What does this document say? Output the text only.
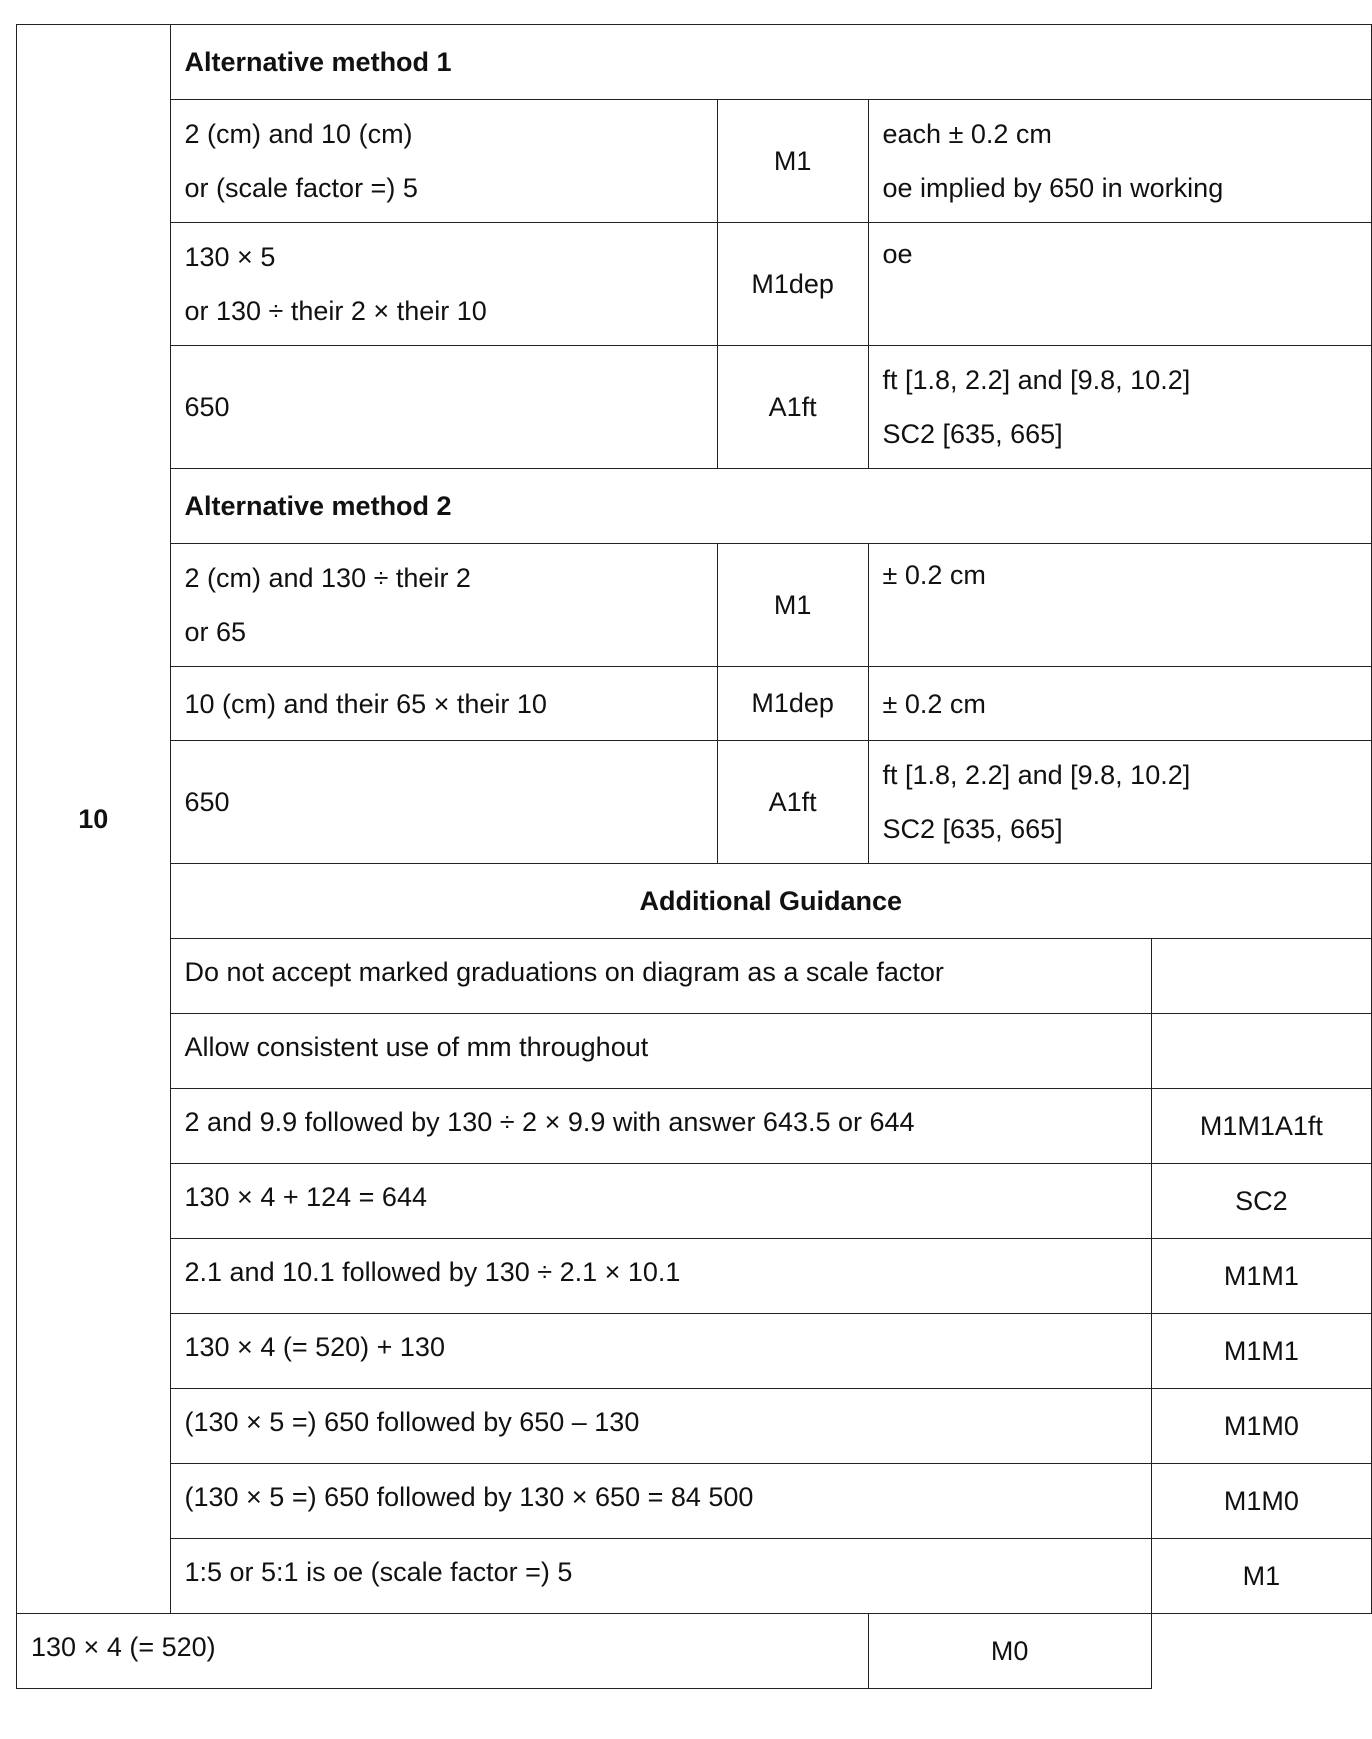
10	Alternative method 1			

	2 (cm) and 10 (cm)
or (scale factor =) 5	M1	each ± 0.2 cm
oe implied by 650 in working	

	130 × 5
or 130 ÷ their 2 × their 10	M1dep	oe	

	650	A1ft	ft [1.8, 2.2] and [9.8, 10.2]
SC2 [635, 665]	

	Alternative method 2			

	2 (cm) and 130 ÷ their 2
or 65	M1	± 0.2 cm	

	10 (cm) and their 65 × their 10	M1dep	± 0.2 cm	

	650	A1ft	ft [1.8, 2.2] and [9.8, 10.2]
SC2 [635, 665]	

	Additional Guidance			

	Do not accept marked graduations on diagram as a scale factor			

	Allow consistent use of mm throughout			

	2 and 9.9 followed by 130 ÷ 2 × 9.9 with answer 643.5 or 644			M1M1A1ft

	130 × 4 + 124 = 644			SC2

	2.1 and 10.1 followed by 130 ÷ 2.1 × 10.1			M1M1

	130 × 4 (= 520) + 130			M1M1

	(130 × 5 =) 650 followed by 650 – 130			M1M0

	(130 × 5 =) 650 followed by 130 × 650 = 84 500			M1M0

	1:5 or 5:1 is oe (scale factor =) 5			M1

130 × 4 (= 520)			M0	
